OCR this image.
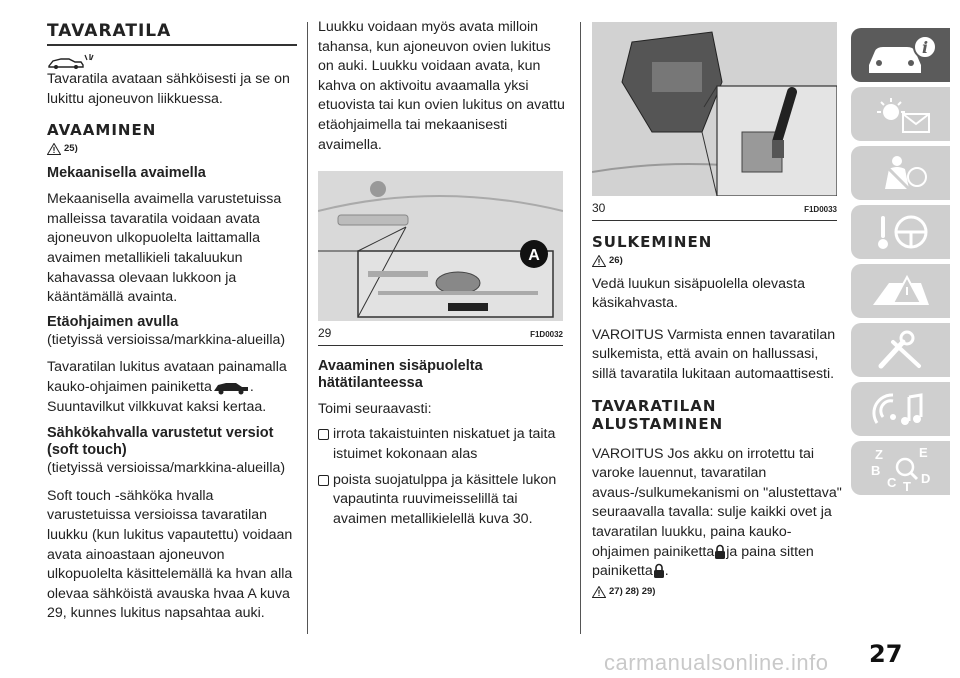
TAVARATILA

Tavaratila avataan sähköisesti ja se on lukittu ajoneuvon liikkuessa.

AVAAMINEN
25)
Mekaanisella avaimella

Mekaanisella avaimella varustetuissa malleissa tavaratila voidaan avata ajoneuvon ulkopuolelta laittamalla avaimen metallikieli takaluukun kahavassa olevaan lukkoon ja kääntämällä avainta.

Etäohjaimen avulla

(tietyissä versioissa/markkina-alueilla)

Tavaratilan lukitus avataan painamalla kauko-ohjaimen painiketta	. Suuntavilkut vilkkuvat kaksi kertaa.

Sähkökahvalla varustetut versiot (soft touch)

(tietyissä versioissa/markkina-alueilla)

Soft touch -sähköka hvalla varustetuissa versioissa tavaratilan luukku (kun lukitus vapautettu) voidaan avata ainoastaan ajoneuvon ulkopuolelta käsittelemällä ka hvan alla olevaa sähköistä avauska hvaa A kuva 29, kunnes lukitus napsahtaa auki.

Luukku voidaan myös avata milloin tahansa, kun ajoneuvon ovien lukitus on auki. Luukku voidaan avata, kun kahva on aktivoitu avaamalla yksi etuovista tai kun ovien lukitus on avattu etäohjaimella tai mekaanisesti avaimella.

A
29	F1D0032
Avaaminen sisäpuolelta hätätilanteessa

Toimi seuraavasti:

irrota takaistuinten niskatuet ja taita istuimet kokonaan alas
poista suojatulppa ja käsittele lukon vapautinta ruuvimeisselillä tai avaimen metallikielellä kuva 30.
30	F1D0033
SULKEMINEN
26)

Vedä luukun sisäpuolella olevasta käsikahvasta.

VAROITUS Varmista ennen tavaratilan sulkemista, että avain on hallussasi, sillä tavaratila lukitaan automaattisesti.

TAVARATILAN
ALUSTAMINEN

VAROITUS Jos akku on irrotettu tai varoke lauennut, tavaratilan avaus-/sulkumekanismi on "alustettava" seuraavalla tavalla: sulje kaikki ovet ja tavaratilan luukku, paina kauko-ohjaimen painiketta ja paina sitten painiketta .

27) 28) 29)
i
Z	E
B
C D
T
27
carmanualsonline.info
